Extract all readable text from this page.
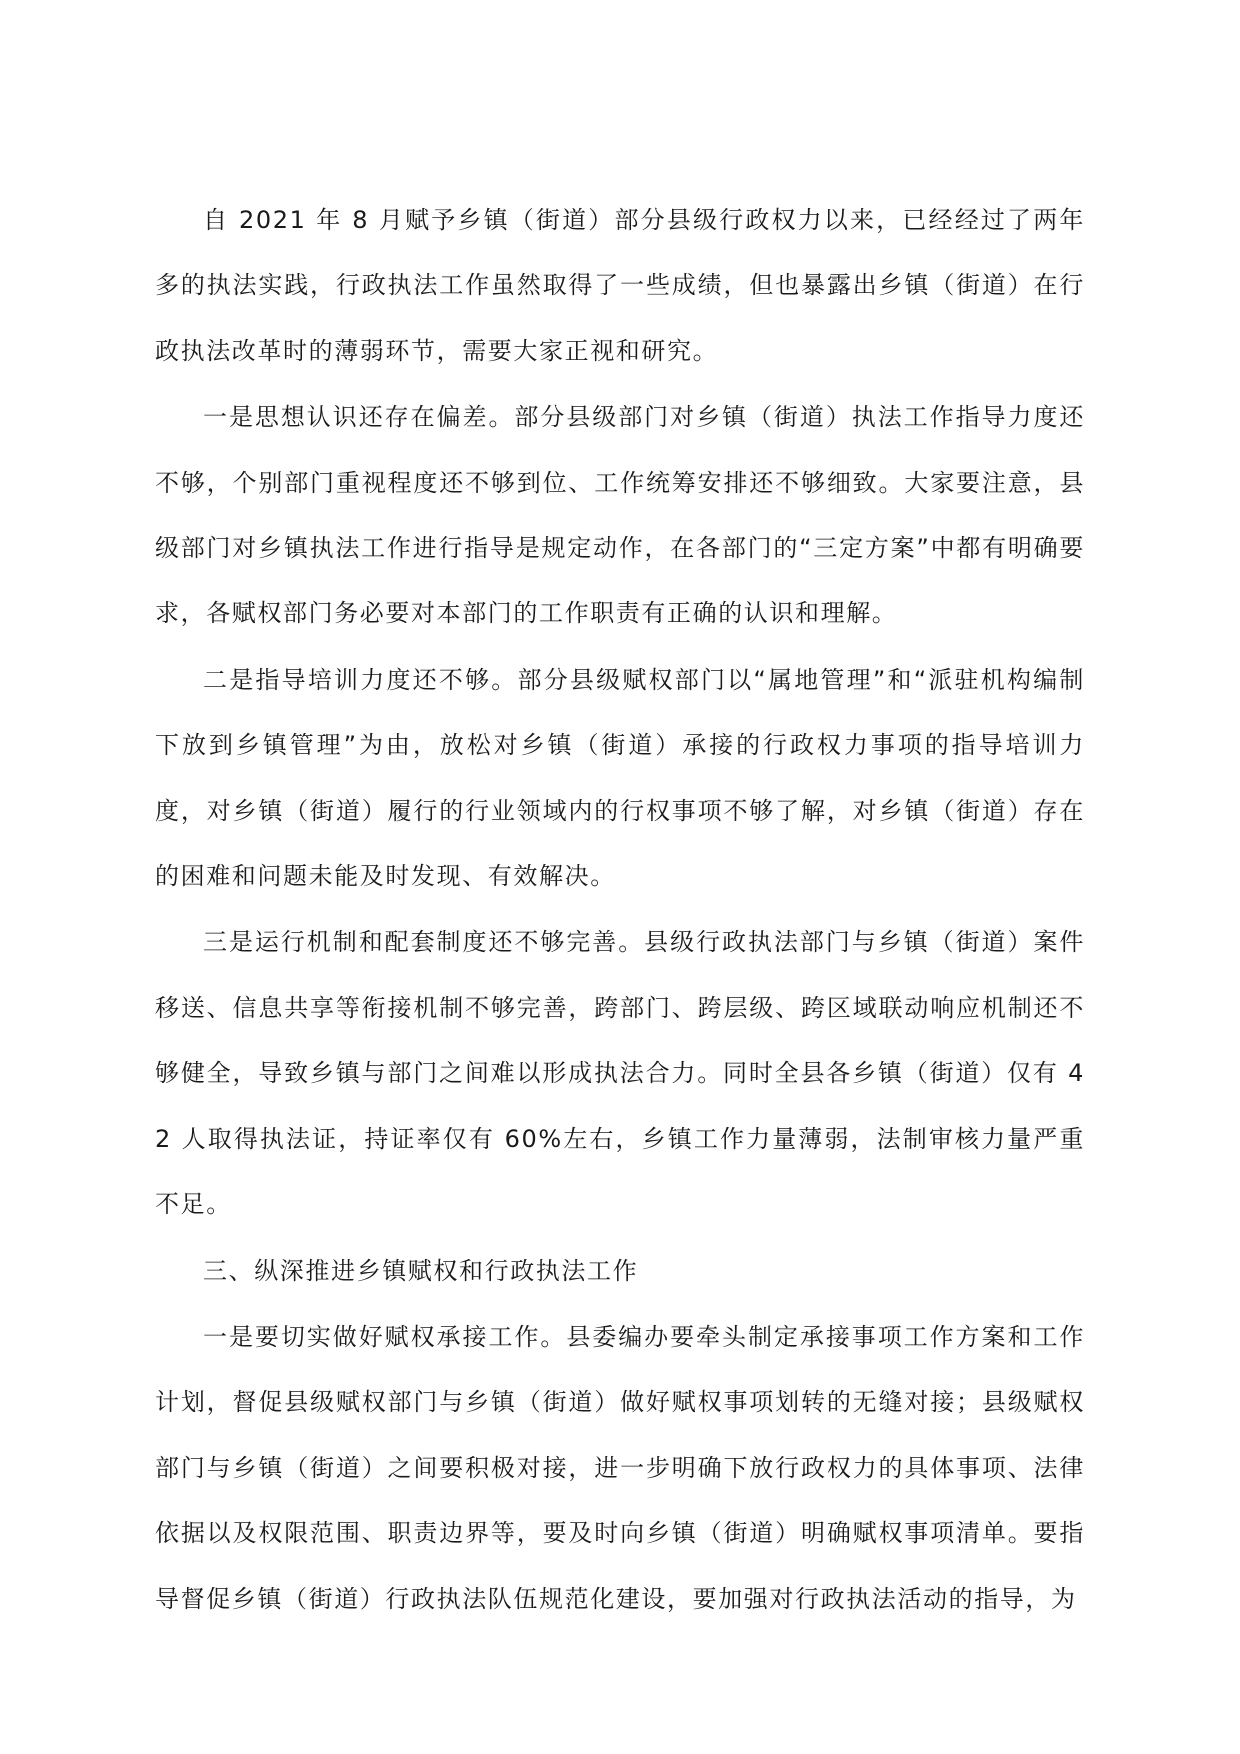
自 2021 年 8 月赋予乡镇（街道）部分县级行政权力以来，已经经过了两年多的执法实践，行政执法工作虽然取得了一些成绩，但也暴露出乡镇（街道）在行政执法改革时的薄弱环节，需要大家正视和研究。

一是思想认识还存在偏差。部分县级部门对乡镇（街道）执法工作指导力度还不够，个别部门重视程度还不够到位、工作统筹安排还不够细致。大家要注意，县级部门对乡镇执法工作进行指导是规定动作，在各部门的“三定方案”中都有明确要求，各赋权部门务必要对本部门的工作职责有正确的认识和理解。

二是指导培训力度还不够。部分县级赋权部门以“属地管理”和“派驻机构编制下放到乡镇管理”为由，放松对乡镇（街道）承接的行政权力事项的指导培训力度，对乡镇（街道）履行的行业领域内的行权事项不够了解，对乡镇（街道）存在的困难和问题未能及时发现、有效解决。

三是运行机制和配套制度还不够完善。县级行政执法部门与乡镇（街道）案件移送、信息共享等衔接机制不够完善，跨部门、跨层级、跨区域联动响应机制还不够健全，导致乡镇与部门之间难以形成执法合力。同时全县各乡镇（街道）仅有 42 人取得执法证，持证率仅有 60%左右，乡镇工作力量薄弱，法制审核力量严重不足。

三、纵深推进乡镇赋权和行政执法工作

一是要切实做好赋权承接工作。县委编办要牵头制定承接事项工作方案和工作计划，督促县级赋权部门与乡镇（街道）做好赋权事项划转的无缝对接；县级赋权部门与乡镇（街道）之间要积极对接，进一步明确下放行政权力的具体事项、法律依据以及权限范围、职责边界等，要及时向乡镇（街道）明确赋权事项清单。要指导督促乡镇（街道）行政执法队伍规范化建设，要加强对行政执法活动的指导，为
